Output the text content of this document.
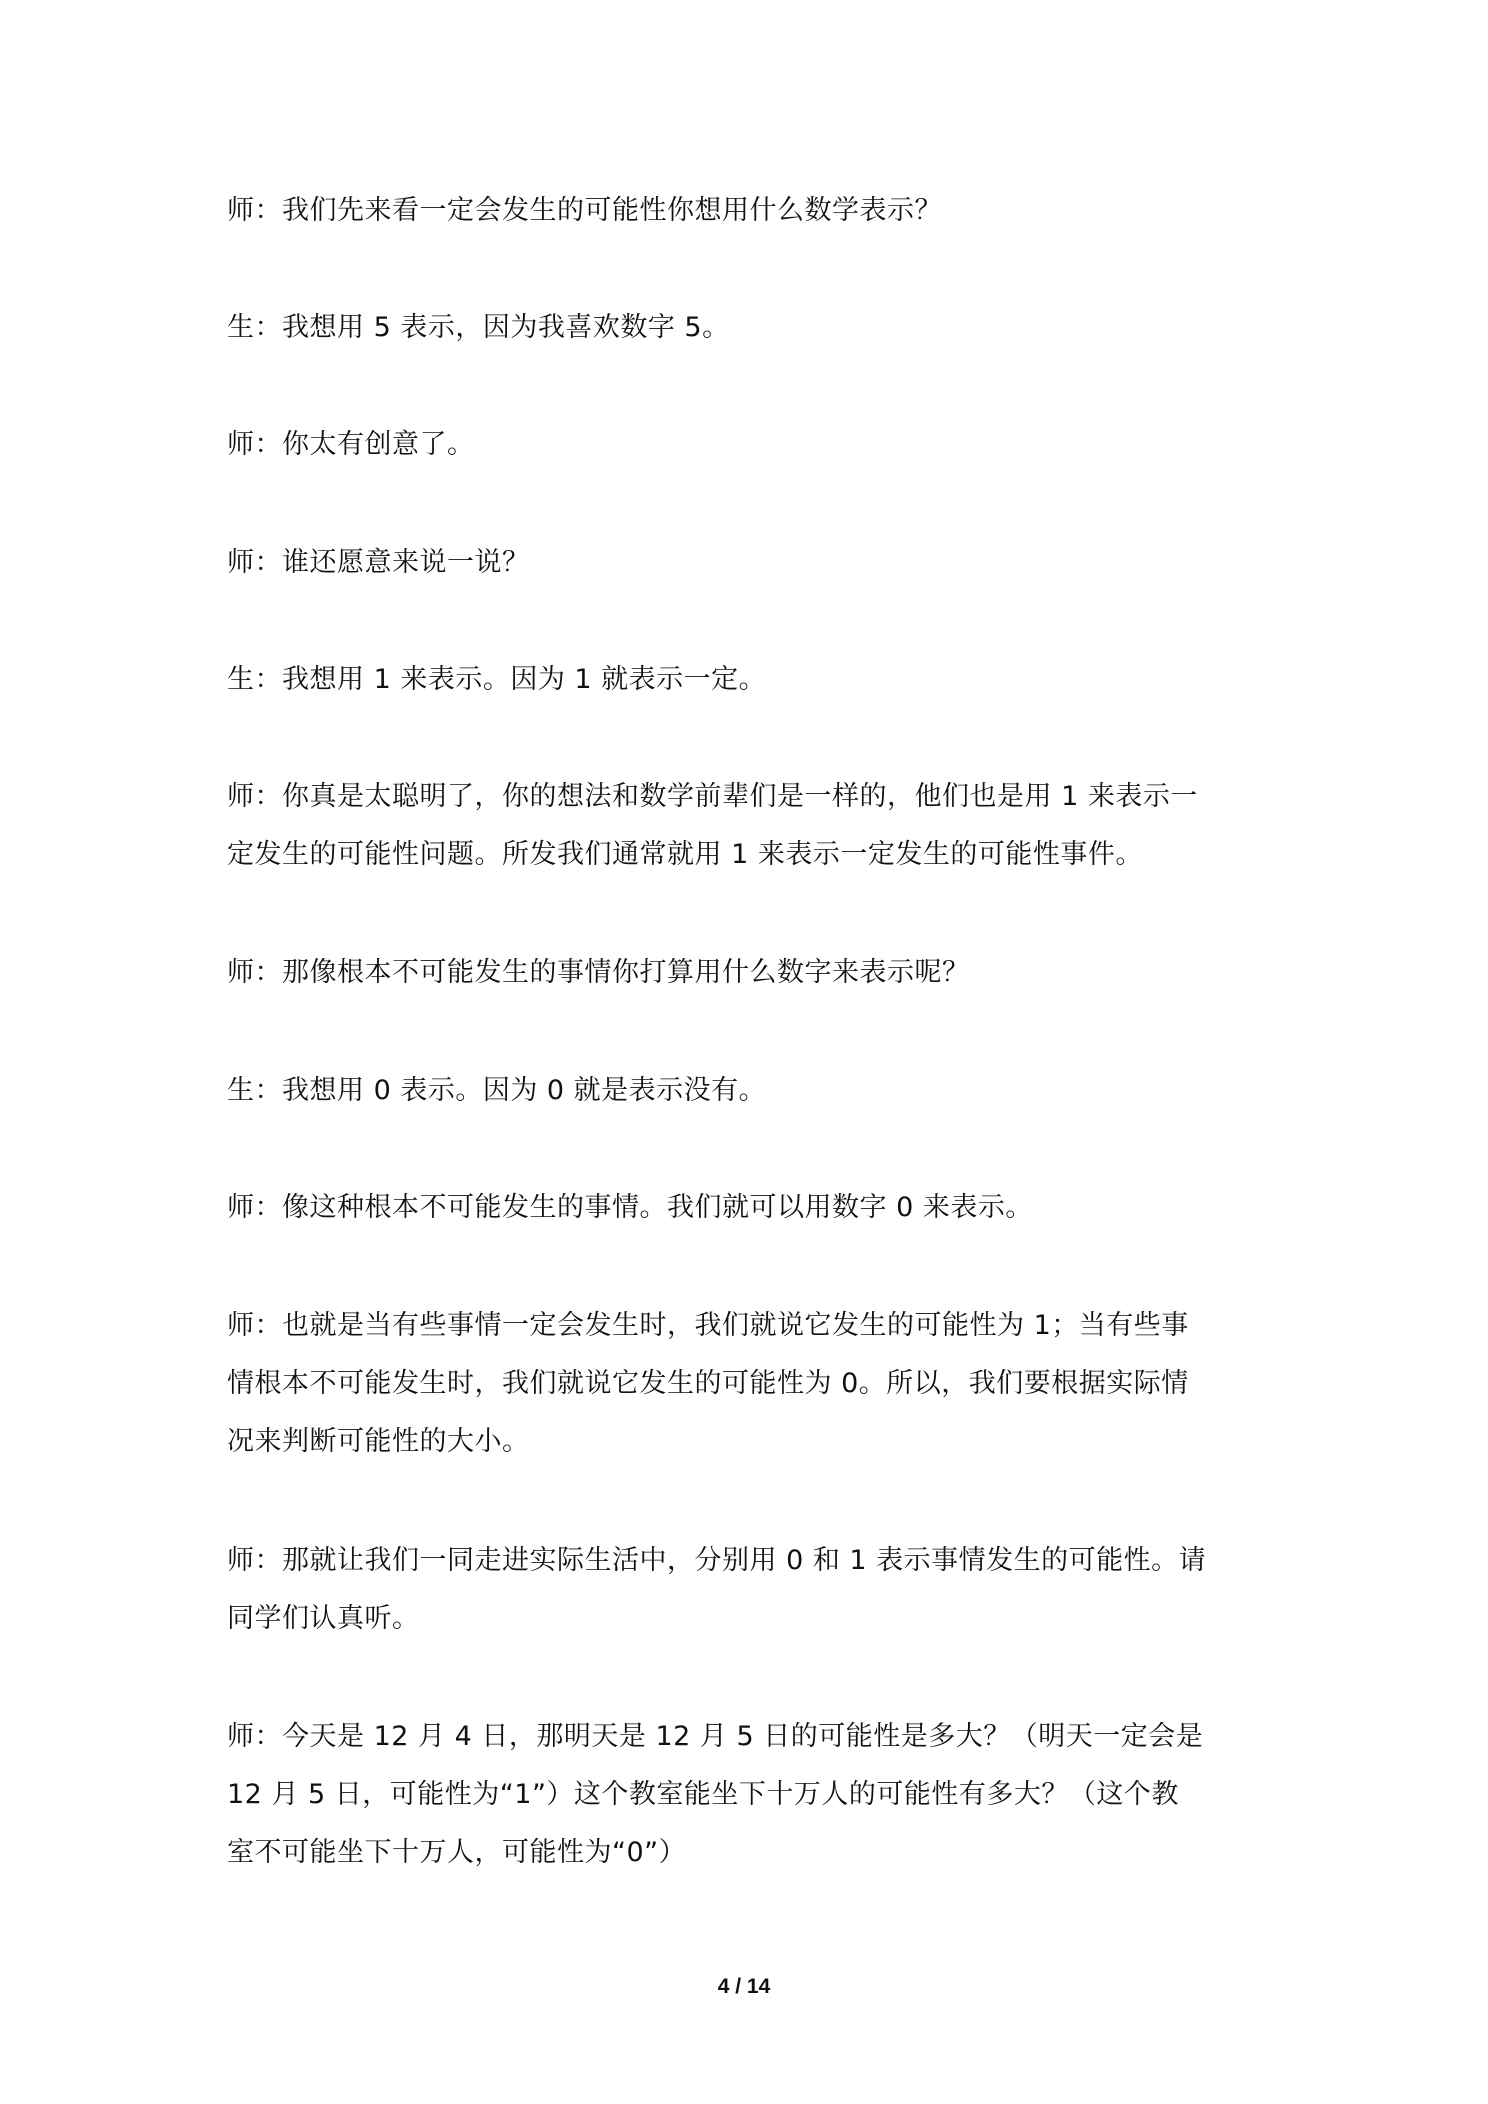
师：我们先来看一定会发生的可能性你想用什么数学表示？

生：我想用 5 表示，因为我喜欢数字 5。

师：你太有创意了。

师：谁还愿意来说一说？

生：我想用 1 来表示。因为 1 就表示一定。

师：你真是太聪明了，你的想法和数学前辈们是一样的，他们也是用 1 来表示一
定发生的可能性问题。所发我们通常就用 1 来表示一定发生的可能性事件。

师：那像根本不可能发生的事情你打算用什么数字来表示呢？

生：我想用 0 表示。因为 0 就是表示没有。

师：像这种根本不可能发生的事情。我们就可以用数字 0 来表示。

师：也就是当有些事情一定会发生时，我们就说它发生的可能性为 1；当有些事
情根本不可能发生时，我们就说它发生的可能性为 0。所以，我们要根据实际情
况来判断可能性的大小。

师：那就让我们一同走进实际生活中，分别用 0 和 1 表示事情发生的可能性。请
同学们认真听。

师：今天是 12 月 4 日，那明天是 12 月 5 日的可能性是多大？（明天一定会是
12 月 5 日，可能性为“1”）这个教室能坐下十万人的可能性有多大？（这个教
室不可能坐下十万人，可能性为“0”）

4 / 14
